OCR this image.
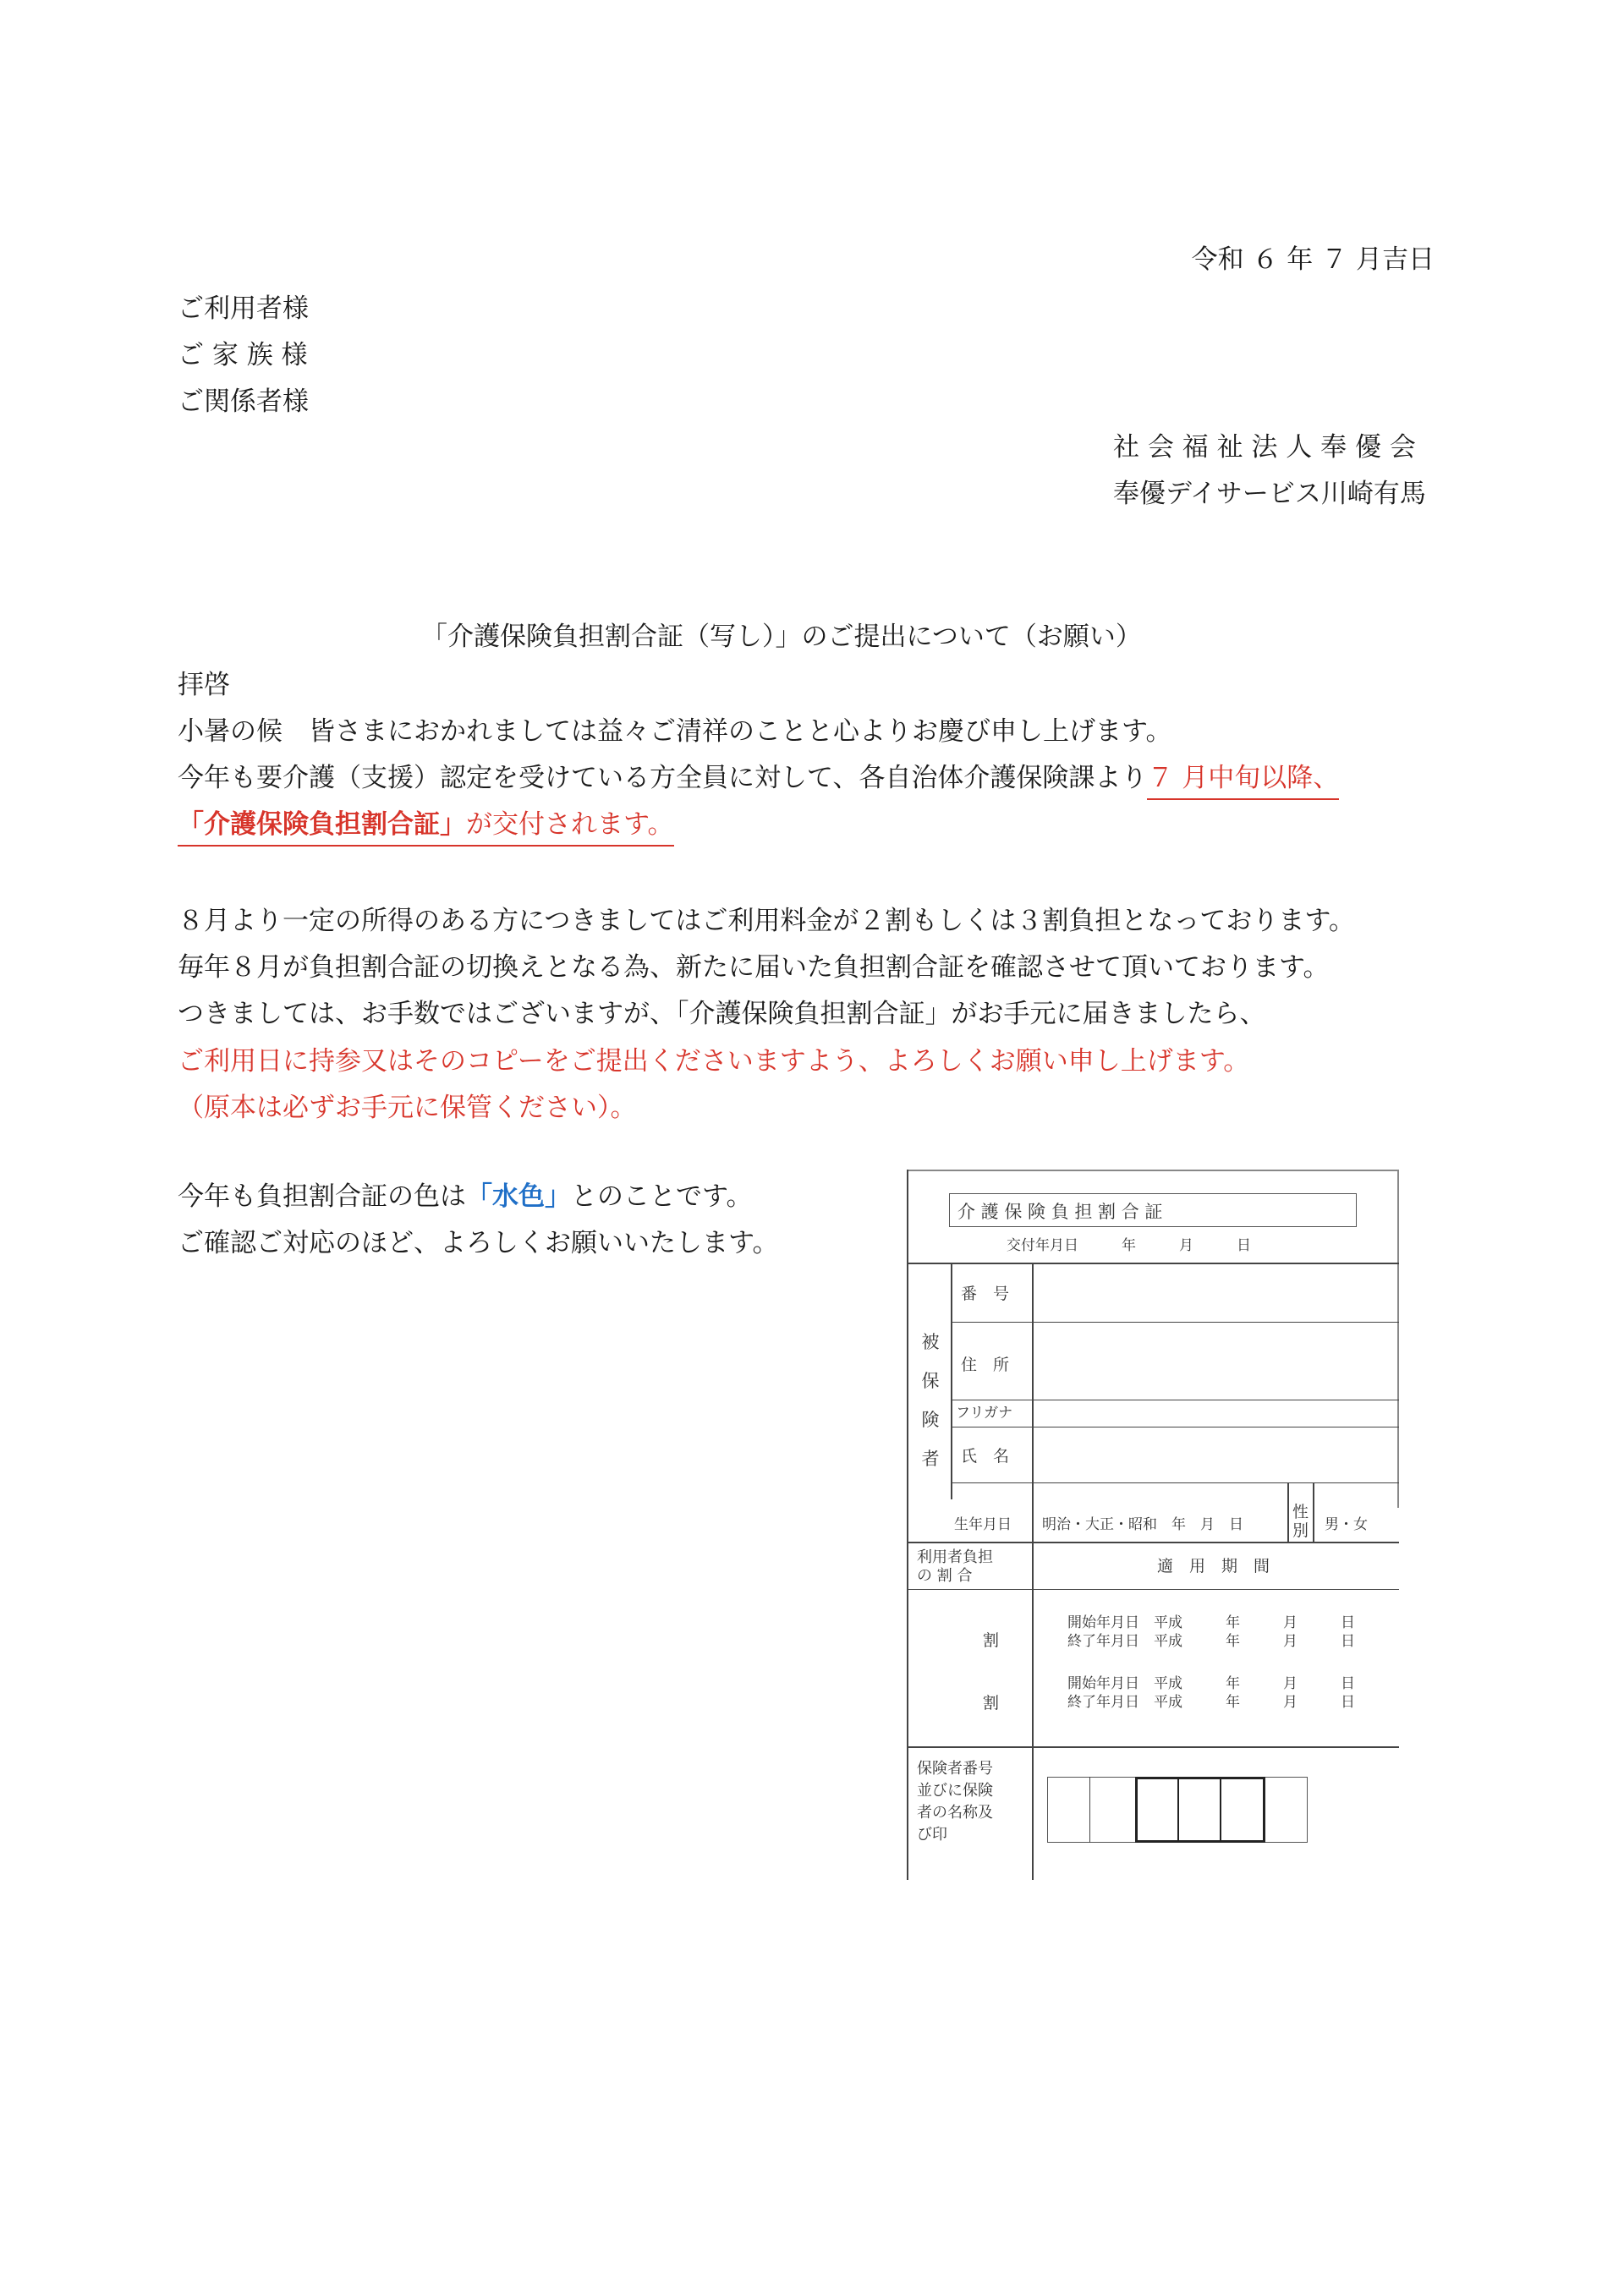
令和 ６ 年 ７ 月吉日
ご利用者様
ご 家 族 様
ご関係者様
社 会 福 祉 法 人 奉 優 会
奉優デイサービス川崎有馬
「介護保険負担割合証（写し）」のご提出について（お願い）
拝啓
小暑の候　皆さまにおかれましては益々ご清祥のことと心よりお慶び申し上げます。
今年も要介護（支援）認定を受けている方全員に対して、各自治体介護保険課より７ 月中旬以降、
「介護保険負担割合証」が交付されます。
８月より一定の所得のある方につきましてはご利用料金が２割もしくは３割負担となっております。
毎年８月が負担割合証の切換えとなる為、新たに届いた負担割合証を確認させて頂いております。
つきましては、お手数ではございますが、「介護保険負担割合証」がお手元に届きましたら、
ご利用日に持参又はそのコピーをご提出くださいますよう、よろしくお願い申し上げます。
（原本は必ずお手元に保管ください）。
今年も負担割合証の色は「水色」とのことです。
ご確認ご対応のほど、よろしくお願いいたします。
介 護 保 険 負 担 割 合 証
交付年月日　　　年　　　月　　　日
被
保
険
者
番　号
住　所
フリガナ
氏　名
生年月日 明治・大正・昭和　年　月　日
性
別 男・女
利用者負担
の 割 合
適　用　期　間
割
開始年月日　平成　　　年　　　月　　　日
終了年月日　平成　　　年　　　月　　　日
割
開始年月日　平成　　　年　　　月　　　日
終了年月日　平成　　　年　　　月　　　日
保険者番号
並びに保険
者の名称及
び印
